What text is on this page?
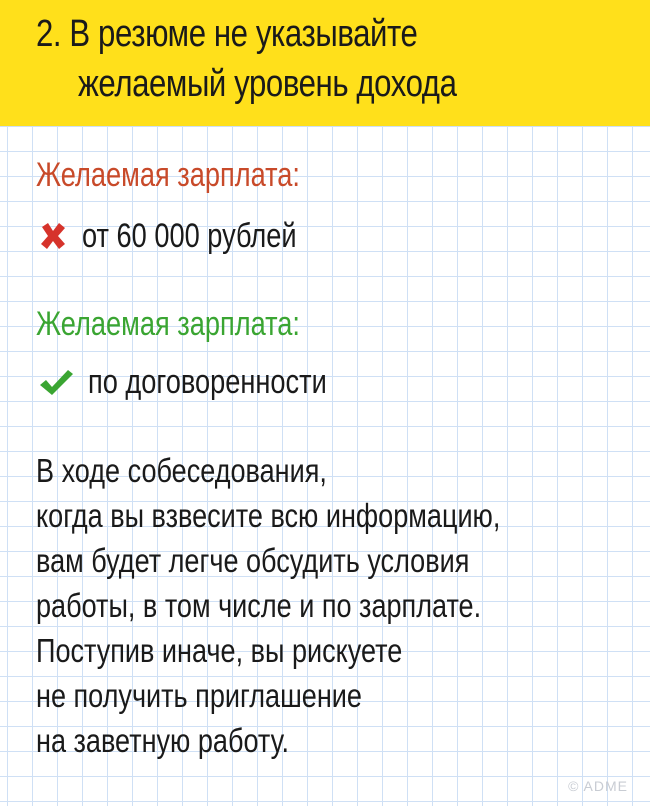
2. В резюме не указывайте
желаемый уровень дохода
Желаемая зарплата:
от 60 000 рублей
Желаемая зарплата:
по договоренности
В ходе собеседования,
когда вы взвесите всю информацию,
вам будет легче обсудить условия
работы, в том числе и по зарплате.
Поступив иначе, вы рискуете
не получить приглашение
на заветную работу.
© ADME
